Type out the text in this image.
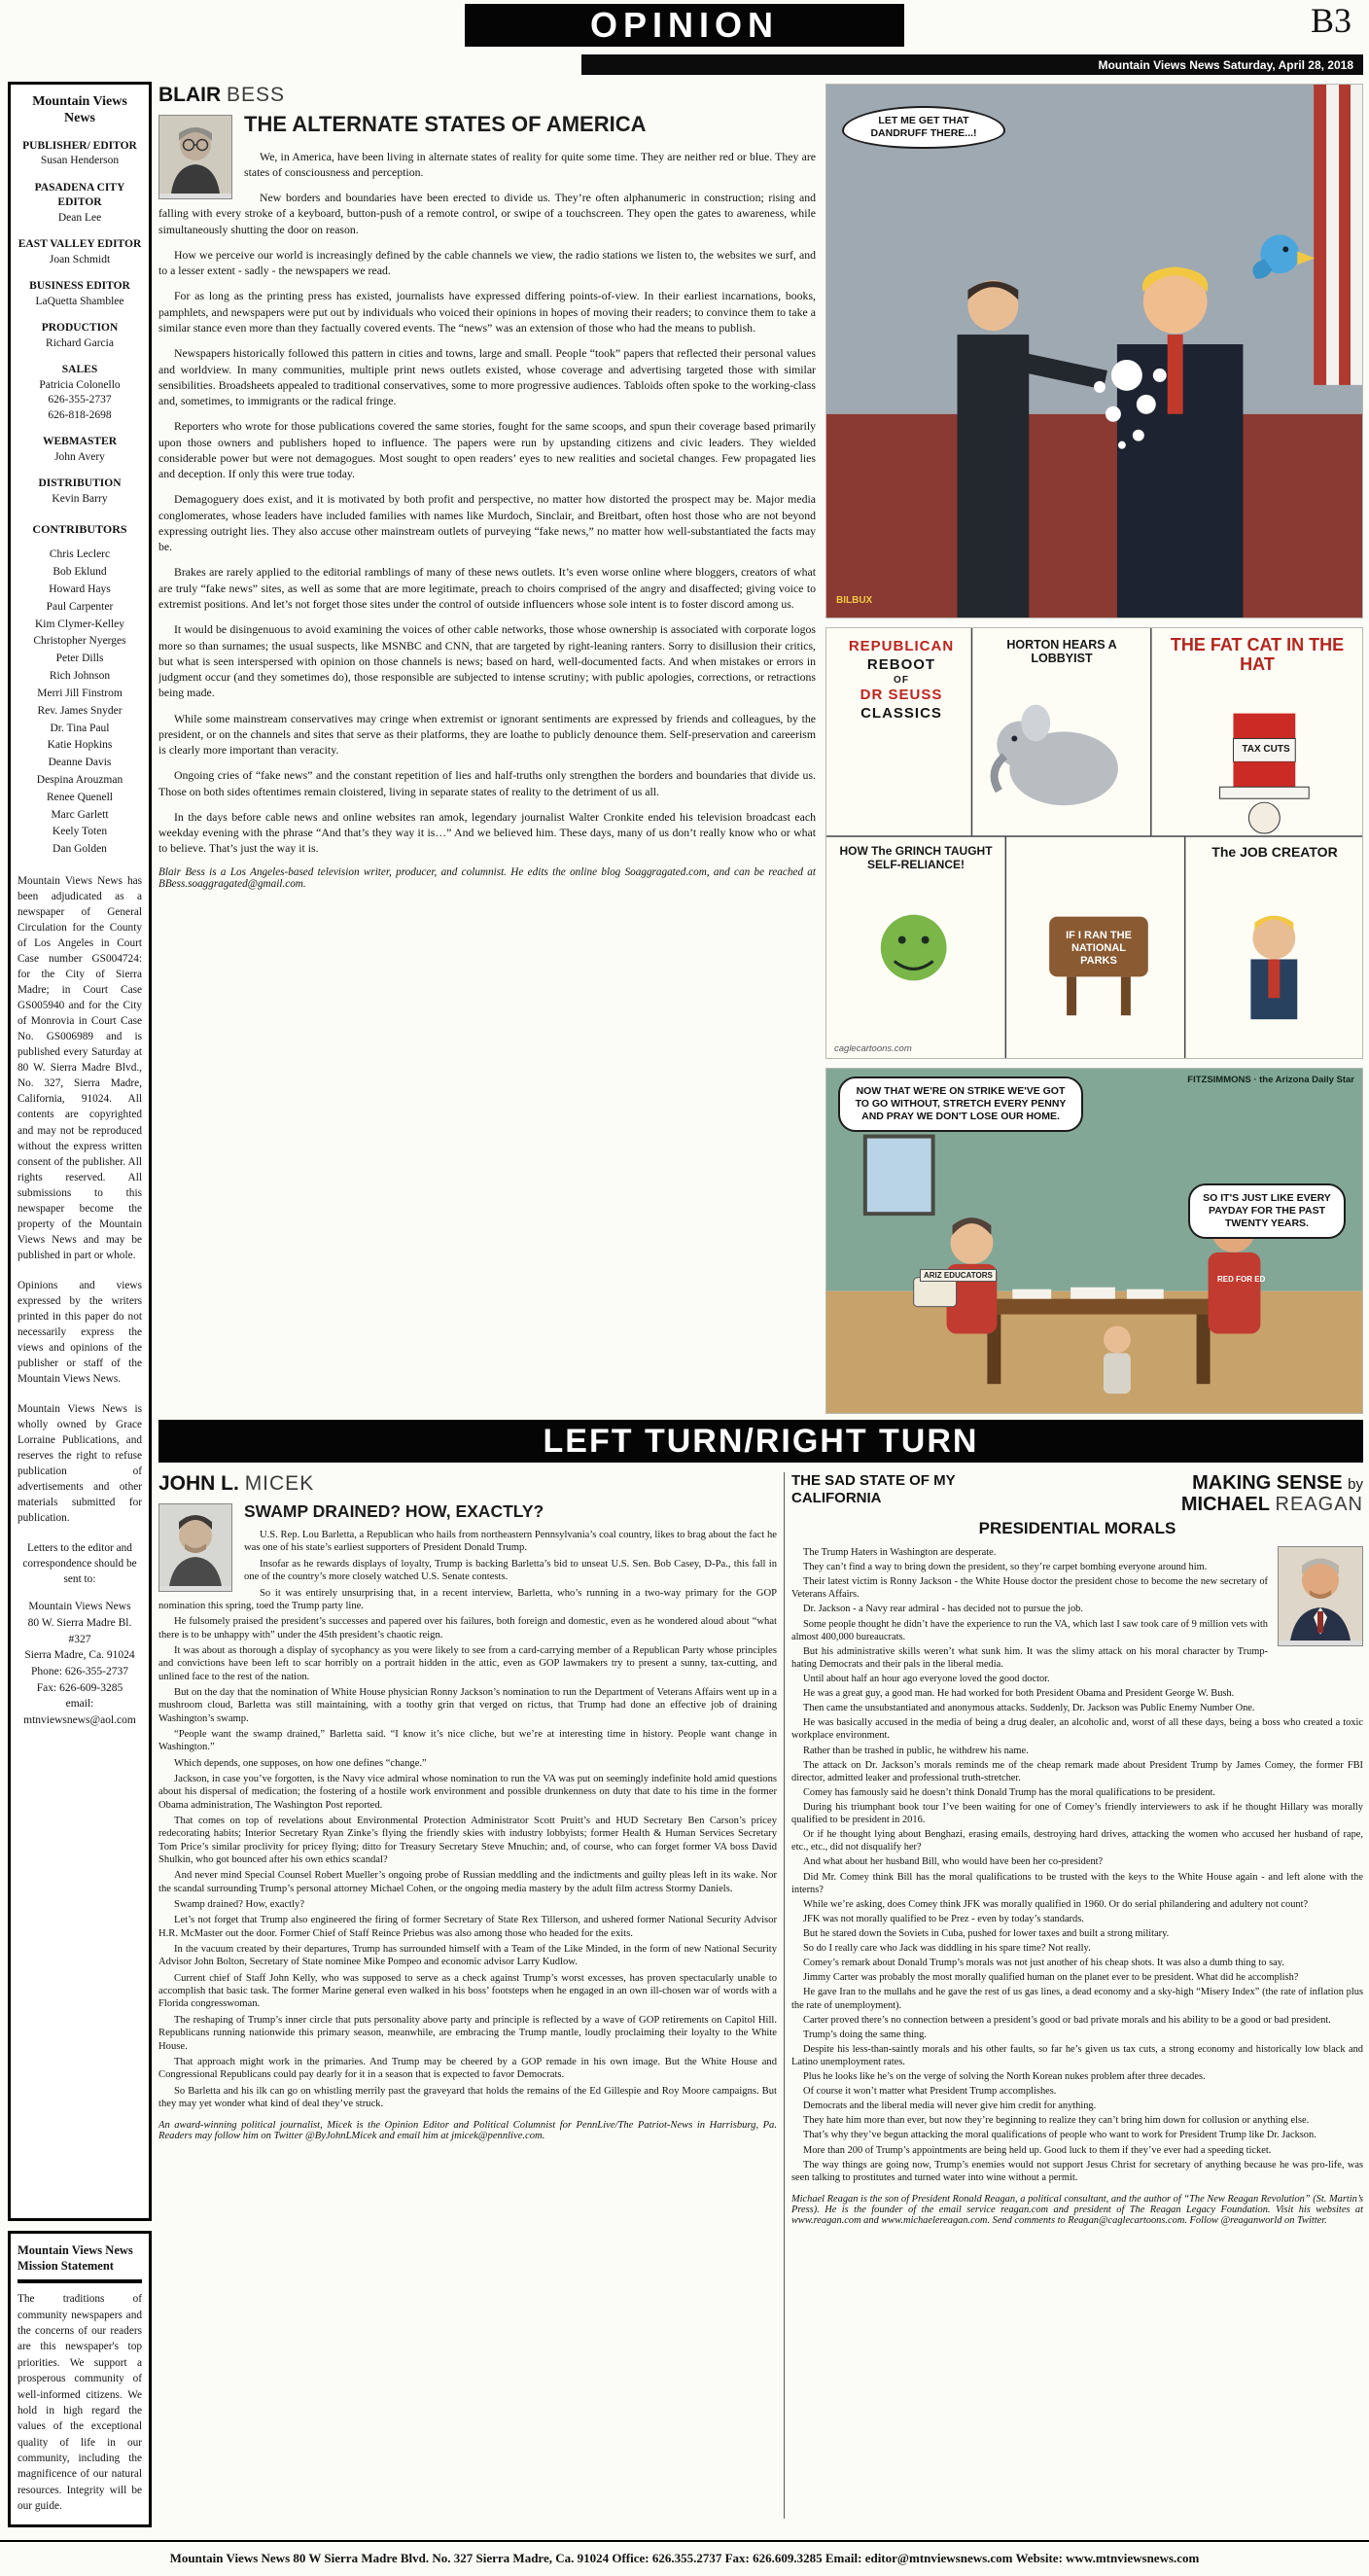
OPINION	B3
Mountain Views News Saturday, April 28, 2018
Mountain Views News
PUBLISHER/ EDITOR
Susan Henderson
PASADENA CITY EDITOR
Dean Lee
EAST VALLEY EDITOR
Joan Schmidt
BUSINESS EDITOR
LaQuetta Shamblee
PRODUCTION
Richard Garcia
SALES
Patricia Colonello
626-355-2737
626-818-2698
WEBMASTER
John Avery
DISTRIBUTION
Kevin Barry
CONTRIBUTORS
Chris Leclerc
Bob Eklund
Howard Hays
Paul Carpenter
Kim Clymer-Kelley
Christopher Nyerges
Peter Dills
Rich Johnson
Merri Jill Finstrom
Rev. James Snyder
Dr. Tina Paul
Katie Hopkins
Deanne Davis
Despina Arouzman
Renee Quenell
Marc Garlett
Keely Toten
Dan Golden

Mountain Views News has been adjudicated as a newspaper of General Circulation for the County of Los Angeles in Court Case number GS004724: for the City of Sierra Madre; in Court Case GS005940 and for the City of Monrovia in Court Case No. GS006989 and is published every Saturday at 80 W. Sierra Madre Blvd., No. 327, Sierra Madre, California, 91024. All contents are copyrighted and may not be reproduced without the express written consent of the publisher. All rights reserved. All submissions to this newspaper become the property of the Mountain Views News and may be published in part or whole.

Opinions and views expressed by the writers printed in this paper do not necessarily express the views and opinions of the publisher or staff of the Mountain Views News.

Mountain Views News is wholly owned by Grace Lorraine Publications, and reserves the right to refuse publication of advertisements and other materials submitted for publication.

Letters to the editor and correspondence should be sent to:

Mountain Views News
80 W. Sierra Madre Bl. #327
Sierra Madre, Ca. 91024
Phone: 626-355-2737
Fax: 626-609-3285
email:
mtnviewsnews@aol.com
Mountain Views News
Mission Statement

The traditions of community newspapers and the concerns of our readers are this newspaper's top priorities. We support a prosperous community of well-informed citizens. We hold in high regard the values of the exceptional quality of life in our community, including the magnificence of our natural resources. Integrity will be our guide.

BLAIR BESS
THE ALTERNATE STATES OF AMERICA

We, in America, have been living in alternate states of reality for quite some time. They are neither red or blue. They are states of consciousness and perception.

New borders and boundaries have been erected to divide us. They’re often alphanumeric in construction; rising and falling with every stroke of a keyboard, button-push of a remote control, or swipe of a touchscreen. They open the gates to awareness, while simultaneously shutting the door on reason.

How we perceive our world is increasingly defined by the cable channels we view, the radio stations we listen to, the websites we surf, and to a lesser extent - sadly - the newspapers we read.

For as long as the printing press has existed, journalists have expressed differing points-of-view. In their earliest incarnations, books, pamphlets, and newspapers were put out by individuals who voiced their opinions in hopes of moving their readers; to convince them to take a similar stance even more than they factually covered events. The “news” was an extension of those who had the means to publish.

Newspapers historically followed this pattern in cities and towns, large and small. People “took” papers that reflected their personal values and worldview. In many communities, multiple print news outlets existed, whose coverage and advertising targeted those with similar sensibilities. Broadsheets appealed to traditional conservatives, some to more progressive audiences. Tabloids often spoke to the working-class and, sometimes, to immigrants or the radical fringe.

Reporters who wrote for those publications covered the same stories, fought for the same scoops, and spun their coverage based primarily upon those owners and publishers hoped to influence. The papers were run by upstanding citizens and civic leaders. They wielded considerable power but were not demagogues. Most sought to open readers’ eyes to new realities and societal changes. Few propagated lies and deception. If only this were true today.

Demagoguery does exist, and it is motivated by both profit and perspective, no matter how distorted the prospect may be. Major media conglomerates, whose leaders have included families with names like Murdoch, Sinclair, and Breitbart, often host those who are not beyond expressing outright lies. They also accuse other mainstream outlets of purveying “fake news,” no matter how well-substantiated the facts may be.

Brakes are rarely applied to the editorial ramblings of many of these news outlets. It’s even worse online where bloggers, creators of what are truly “fake news” sites, as well as some that are more legitimate, preach to choirs comprised of the angry and disaffected; giving voice to extremist positions. And let’s not forget those sites under the control of outside influencers whose sole intent is to foster discord among us.

It would be disingenuous to avoid examining the voices of other cable networks, those whose ownership is associated with corporate logos more so than surnames; the usual suspects, like MSNBC and CNN, that are targeted by right-leaning ranters. Sorry to disillusion their critics, but what is seen interspersed with opinion on those channels is news; based on hard, well-documented facts. And when mistakes or errors in judgment occur (and they sometimes do), those responsible are subjected to intense scrutiny; with public apologies, corrections, or retractions being made.

While some mainstream conservatives may cringe when extremist or ignorant sentiments are expressed by friends and colleagues, by the president, or on the channels and sites that serve as their platforms, they are loathe to publicly denounce them. Self-preservation and careerism is clearly more important than veracity.

Ongoing cries of “fake news” and the constant repetition of lies and half-truths only strengthen the borders and boundaries that divide us. Those on both sides oftentimes remain cloistered, living in separate states of reality to the detriment of us all.

In the days before cable news and online websites ran amok, legendary journalist Walter Cronkite ended his television broadcast each weekday evening with the phrase “And that’s they way it is…” And we believed him. These days, many of us don’t really know who or what to believe. That’s just the way it is.

Blair Bess is a Los Angeles-based television writer, producer, and columnist. He edits the online blog Soaggragated.com, and can be reached at BBess.soaggragated@gmail.com.

LET ME GET THAT DANDRUFF THERE...!
BILBUX
REPUBLICAN
REBOOT
OF
DR SEUSS
CLASSICS
HORTON HEARS A LOBBYIST
THE FAT CAT IN THE HAT
TAX CUTS
HOW The GRINCH TAUGHT SELF-RELIANCE!
IF I RAN THE NATIONAL PARKS
The JOB CREATOR
caglecartoons.com
NOW THAT WE'RE ON STRIKE WE'VE GOT TO GO WITHOUT, STRETCH EVERY PENNY AND PRAY WE DON'T LOSE OUR HOME.
SO IT'S JUST LIKE EVERY PAYDAY FOR THE PAST TWENTY YEARS.
FITZSIMMONS · the Arizona Daily Star
ARIZ EDUCATORS	RED FOR ED
LEFT TURN/RIGHT TURN
JOHN L. MICEK
SWAMP DRAINED? HOW, EXACTLY?

U.S. Rep. Lou Barletta, a Republican who hails from northeastern Pennsylvania’s coal country, likes to brag about the fact he was one of his state’s earliest supporters of President Donald Trump.

Insofar as he rewards displays of loyalty, Trump is backing Barletta’s bid to unseat U.S. Sen. Bob Casey, D-Pa., this fall in one of the country’s more closely watched U.S. Senate contests.

So it was entirely unsurprising that, in a recent interview, Barletta, who’s running in a two-way primary for the GOP nomination this spring, toed the Trump party line.

He fulsomely praised the president’s successes and papered over his failures, both foreign and domestic, even as he wondered aloud about “what there is to be unhappy with” under the 45th president’s chaotic reign.

It was about as thorough a display of sycophancy as you were likely to see from a card-carrying member of a Republican Party whose principles and convictions have been left to scar horribly on a portrait hidden in the attic, even as GOP lawmakers try to present a sunny, tax-cutting, and unlined face to the rest of the nation.

But on the day that the nomination of White House physician Ronny Jackson’s nomination to run the Department of Veterans Affairs went up in a mushroom cloud, Barletta was still maintaining, with a toothy grin that verged on rictus, that Trump had done an effective job of draining Washington’s swamp.

“People want the swamp drained,” Barletta said. “I know it’s nice cliche, but we’re at interesting time in history. People want change in Washington.”

Which depends, one supposes, on how one defines “change.”

Jackson, in case you’ve forgotten, is the Navy vice admiral whose nomination to run the VA was put on seemingly indefinite hold amid questions about his dispersal of medication; the fostering of a hostile work environment and possible drunkenness on duty that date to his time in the former Obama administration, The Washington Post reported.

That comes on top of revelations about Environmental Protection Administrator Scott Pruitt’s and HUD Secretary Ben Carson’s pricey redecorating habits; Interior Secretary Ryan Zinke’s flying the friendly skies with industry lobbyists; former Health & Human Services Secretary Tom Price’s similar proclivity for pricey flying; ditto for Treasury Secretary Steve Mnuchin; and, of course, who can forget former VA boss David Shulkin, who got bounced after his own ethics scandal?

And never mind Special Counsel Robert Mueller’s ongoing probe of Russian meddling and the indictments and guilty pleas left in its wake. Nor the scandal surrounding Trump’s personal attorney Michael Cohen, or the ongoing media mastery by the adult film actress Stormy Daniels.

Swamp drained? How, exactly?

Let’s not forget that Trump also engineered the firing of former Secretary of State Rex Tillerson, and ushered former National Security Advisor H.R. McMaster out the door. Former Chief of Staff Reince Priebus was also among those who headed for the exits.

In the vacuum created by their departures, Trump has surrounded himself with a Team of the Like Minded, in the form of new National Security Advisor John Bolton, Secretary of State nominee Mike Pompeo and economic advisor Larry Kudlow.

Current chief of Staff John Kelly, who was supposed to serve as a check against Trump’s worst excesses, has proven spectacularly unable to accomplish that basic task. The former Marine general even walked in his boss’ footsteps when he engaged in an own ill-chosen war of words with a Florida congresswoman.

The reshaping of Trump’s inner circle that puts personality above party and principle is reflected by a wave of GOP retirements on Capitol Hill. Republicans running nationwide this primary season, meanwhile, are embracing the Trump mantle, loudly proclaiming their loyalty to the White House.

That approach might work in the primaries. And Trump may be cheered by a GOP remade in his own image. But the White House and Congressional Republicans could pay dearly for it in a season that is expected to favor Democrats.

So Barletta and his ilk can go on whistling merrily past the graveyard that holds the remains of the Ed Gillespie and Roy Moore campaigns. But they may yet wonder what kind of deal they’ve struck.

An award-winning political journalist, Micek is the Opinion Editor and Political Columnist for PennLive/The Patriot-News in Harrisburg, Pa. Readers may follow him on Twitter @ByJohnLMicek and email him at jmicek@pennlive.com.

THE SAD STATE OF MY CALIFORNIA
MAKING SENSE by
MICHAEL REAGAN
PRESIDENTIAL MORALS

The Trump Haters in Washington are desperate.

They can’t find a way to bring down the president, so they’re carpet bombing everyone around him.

Their latest victim is Ronny Jackson - the White House doctor the president chose to become the new secretary of Veterans Affairs.

Dr. Jackson - a Navy rear admiral - has decided not to pursue the job.

Some people thought he didn’t have the experience to run the VA, which last I saw took care of 9 million vets with almost 400,000 bureaucrats.

But his administrative skills weren’t what sunk him. It was the slimy attack on his moral character by Trump-hating Democrats and their pals in the liberal media.

Until about half an hour ago everyone loved the good doctor.

He was a great guy, a good man. He had worked for both President Obama and President George W. Bush.

Then came the unsubstantiated and anonymous attacks. Suddenly, Dr. Jackson was Public Enemy Number One.

He was basically accused in the media of being a drug dealer, an alcoholic and, worst of all these days, being a boss who created a toxic workplace environment.

Rather than be trashed in public, he withdrew his name.

The attack on Dr. Jackson’s morals reminds me of the cheap remark made about President Trump by James Comey, the former FBI director, admitted leaker and professional truth-stretcher.

Comey has famously said he doesn’t think Donald Trump has the moral qualifications to be president.

During his triumphant book tour I’ve been waiting for one of Comey’s friendly interviewers to ask if he thought Hillary was morally qualified to be president in 2016.

Or if he thought lying about Benghazi, erasing emails, destroying hard drives, attacking the women who accused her husband of rape, etc., etc., did not disqualify her?

And what about her husband Bill, who would have been her co-president?

Did Mr. Comey think Bill has the moral qualifications to be trusted with the keys to the White House again - and left alone with the interns?

While we’re asking, does Comey think JFK was morally qualified in 1960. Or do serial philandering and adultery not count?

JFK was not morally qualified to be Prez - even by today’s standards.

But he stared down the Soviets in Cuba, pushed for lower taxes and built a strong military.

So do I really care who Jack was diddling in his spare time? Not really.

Comey’s remark about Donald Trump’s morals was not just another of his cheap shots. It was also a dumb thing to say.

Jimmy Carter was probably the most morally qualified human on the planet ever to be president. What did he accomplish?

He gave Iran to the mullahs and he gave the rest of us gas lines, a dead economy and a sky-high “Misery Index” (the rate of inflation plus the rate of unemployment).

Carter proved there’s no connection between a president’s good or bad private morals and his ability to be a good or bad president.

Trump’s doing the same thing.

Despite his less-than-saintly morals and his other faults, so far he’s given us tax cuts, a strong economy and historically low black and Latino unemployment rates.

Plus he looks like he’s on the verge of solving the North Korean nukes problem after three decades.

Of course it won’t matter what President Trump accomplishes.

Democrats and the liberal media will never give him credit for anything.

They hate him more than ever, but now they’re beginning to realize they can’t bring him down for collusion or anything else.

That’s why they’ve begun attacking the moral qualifications of people who want to work for President Trump like Dr. Jackson.

More than 200 of Trump’s appointments are being held up. Good luck to them if they’ve ever had a speeding ticket.

The way things are going now, Trump’s enemies would not support Jesus Christ for secretary of anything because he was pro-life, was seen talking to prostitutes and turned water into wine without a permit.

Michael Reagan is the son of President Ronald Reagan, a political consultant, and the author of “The New Reagan Revolution” (St. Martin’s Press). He is the founder of the email service reagan.com and president of The Reagan Legacy Foundation. Visit his websites at www.reagan.com and www.michaelereagan.com. Send comments to Reagan@caglecartoons.com. Follow @reaganworld on Twitter.

Mountain Views News 80 W Sierra Madre Blvd. No. 327 Sierra Madre, Ca. 91024 Office: 626.355.2737 Fax: 626.609.3285 Email: editor@mtnviewsnews.com Website: www.mtnviewsnews.com
